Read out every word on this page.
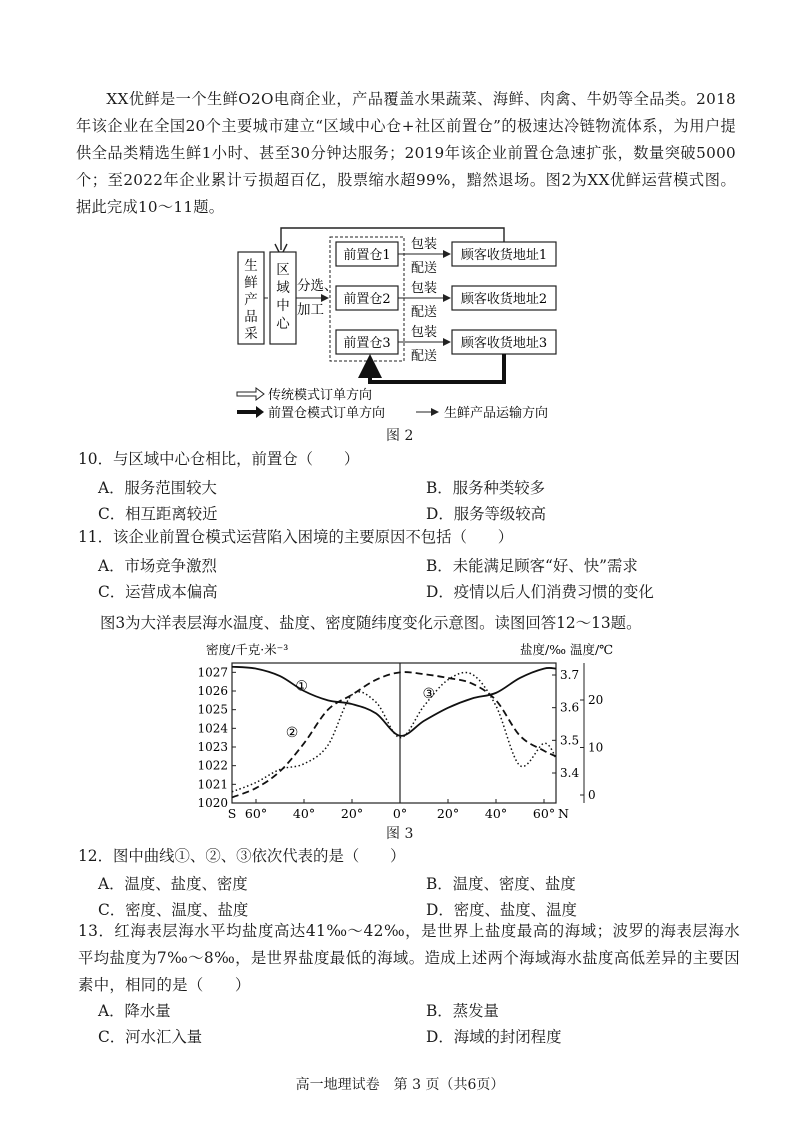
XX优鲜是一个生鲜O2O电商企业，产品覆盖水果蔬菜、海鲜、肉禽、牛奶等全品类。2018年该企业在全国20个主要城市建立“区域中心仓+社区前置仓”的极速达冷链物流体系，为用户提供全品类精选生鲜1小时、甚至30分钟达服务；2019年该企业前置仓急速扩张，数量突破5000个；至2022年企业累计亏损超百亿，股票缩水超99%，黯然退场。图2为XX优鲜运营模式图。据此完成10～11题。

生
鲜
产
品
采
区
域
中
心
分选、
加工
前置仓1
前置仓2
前置仓3
包装
配送
包装
配送
包装
配送
顾客收货地址1
顾客收货地址2
顾客收货地址3
传统模式订单方向
前置仓模式订单方向	生鲜产品运输方向

图 2

10．与区域中心仓相比，前置仓（　　）

A．服务范围较大	B．服务种类较多

C．相互距离较近	D．服务等级较高

11．该企业前置仓模式运营陷入困境的主要原因不包括（　　）

A．市场竞争激烈	B．未能满足顾客“好、快”需求

C．运营成本偏高	D．疫情以后人们消费习惯的变化

图3为大洋表层海水温度、盐度、密度随纬度变化示意图。读图回答12～13题。

密度/千克·米⁻³	盐度/‰ 温度/℃
①
②
③
1020
1021
1022
1023
1024
1025
1026
1027
3.4
3.5
3.6
3.7
0
10
20
S 60° 40° 20° 0° 20° 40° 60° N

图 3

12．图中曲线①、②、③依次代表的是（　　）

A．温度、盐度、密度	B．温度、密度、盐度

C．密度、温度、盐度	D．密度、盐度、温度

13．红海表层海水平均盐度高达41‰～42‰，是世界上盐度最高的海域；波罗的海表层海水平均盐度为7‰～8‰，是世界盐度最低的海域。造成上述两个海域海水盐度高低差异的主要因素中，相同的是（　　）

A．降水量	B．蒸发量

C．河水汇入量	D．海域的封闭程度

高一地理试卷　第 3 页（共6页）
